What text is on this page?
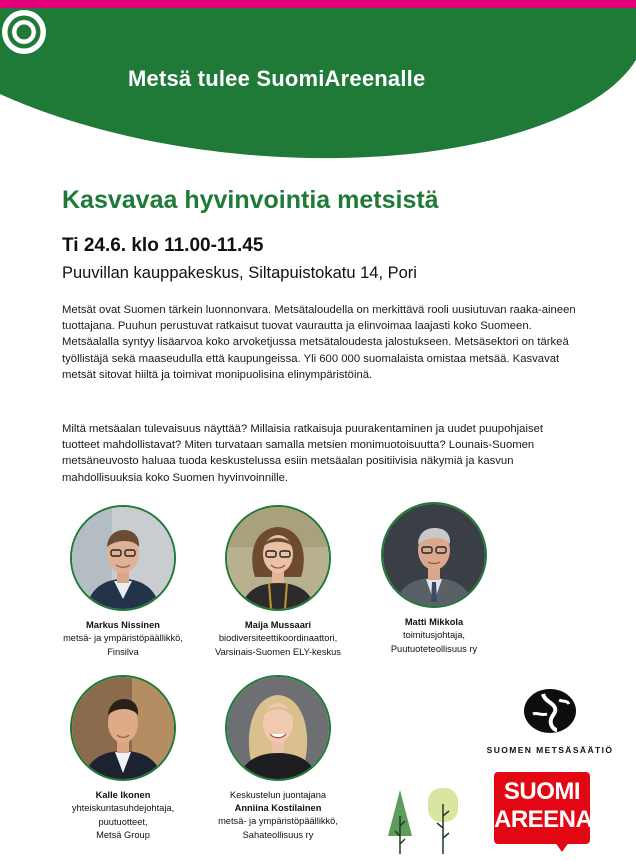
Metsä tulee SuomiAreenalle
Kasvavaa hyvinvointia metsistä
Ti 24.6. klo 11.00-11.45
Puuvillan kauppakeskus, Siltapuistokatu 14, Pori

Metsät ovat Suomen tärkein luonnonvara. Metsätaloudella on merkittävä rooli uusiutuvan raaka-aineen tuottajana. Puuhun perustuvat ratkaisut tuovat vaurautta ja elinvoimaa laajasti koko Suomeen. Metsäalalla syntyy lisäarvoa koko arvoketjussa metsätaloudesta jalostukseen. Metsäsektori on tärkeä työllistäjä sekä maaseudulla että kaupungeissa. Yli 600 000 suomalaista omistaa metsää. Kasvavat metsät sitovat hiiltä ja toimivat monipuolisina elinympäristöinä.

Miltä metsäalan tulevaisuus näyttää? Millaisia ratkaisuja puurakentaminen ja uudet puupohjaiset tuotteet mahdollistavat? Miten turvataan samalla metsien monimuotoisuutta? Lounais-Suomen metsäneuvosto haluaa tuoda keskustelussa esiin metsäalan positiivisia näkymiä ja kasvun mahdollisuuksia koko Suomen hyvinvoinnille.

Markus Nissinen
metsä- ja ympäristöpäällikkö,
Finsilva
Maija Mussaari
biodiversiteettikoordinaattori,
Varsinais-Suomen ELY-keskus
Matti Mikkola
toimitusjohtaja,
Puutuoteteollisuus ry
Kalle Ikonen
yhteiskuntasuhdejohtaja,
puutuotteet,
Metsä Group
Keskustelun juontajana
Anniina Kostilainen
metsä- ja ympäristöpäällikkö,
Sahateollisuus ry
SUOMEN METSÄSÄÄTIÖ
SUOMI
AREENA
